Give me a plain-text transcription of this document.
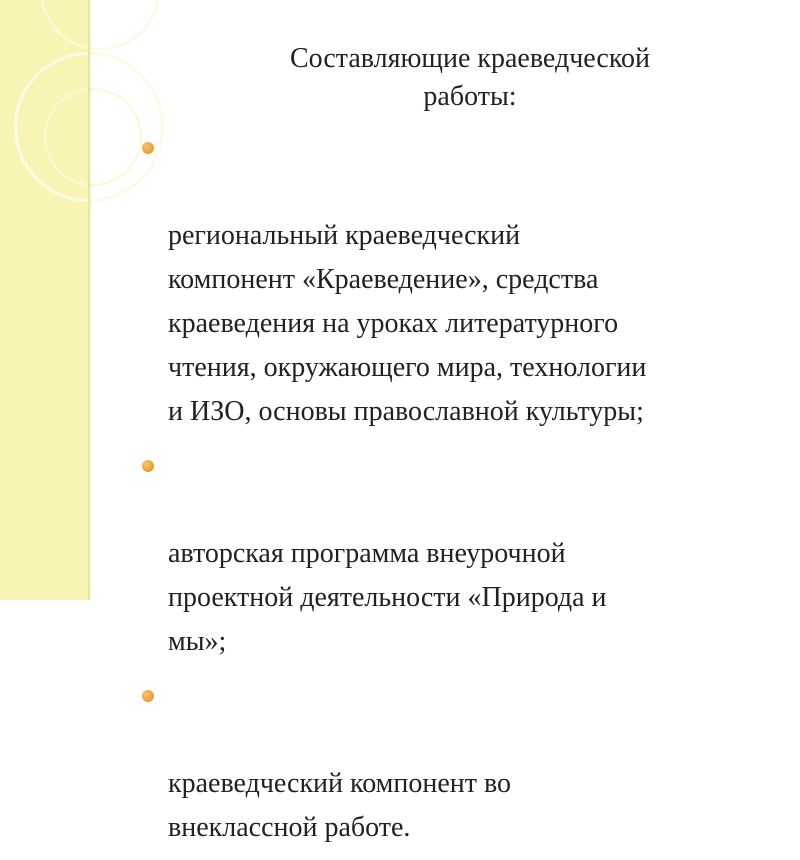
Составляющие краеведческой
работы:

региональный краеведческий
компонент «Краеведение», средства
краеведения на уроках литературного
чтения, окружающего мира, технологии
и ИЗО, основы православной культуры;

авторская программа внеурочной
проектной деятельности «Природа и
мы»;

краеведческий компонент во
внеклассной работе.
